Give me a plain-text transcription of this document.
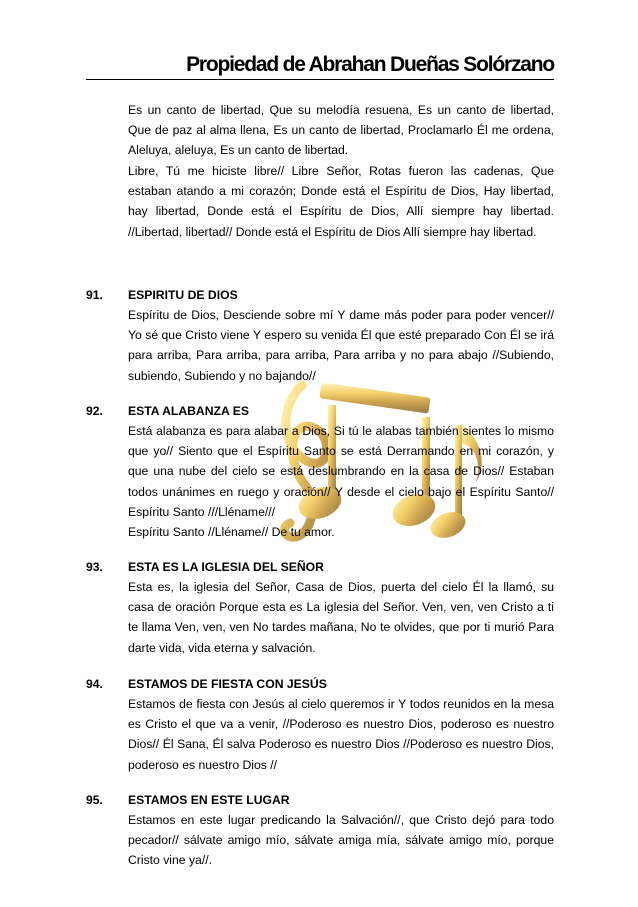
Propiedad de Abrahan Dueñas Solórzano
Es un canto de libertad, Que su melodía resuena, Es un canto de libertad, Que de paz al alma llena, Es un canto de libertad, Proclamarlo Él me ordena, Aleluya, aleluya, Es un canto de libertad.
Libre, Tú me hiciste libre// Libre Señor, Rotas fueron las cadenas, Que estaban atando a mi corazón; Donde está el Espíritu de Dios, Hay libertad, hay libertad, Donde está el Espíritu de Dios, Allí siempre hay libertad. //Libertad, libertad// Donde está el Espíritu de Dios Allí siempre hay libertad.
91. ESPIRITU DE DIOS
Espíritu de Dios, Desciende sobre mí Y dame más poder para poder vencer// Yo sé que Cristo viene Y espero su venida Él que esté preparado Con Él se irá para arriba, Para arriba, para arriba, Para arriba y no para abajo //Subiendo, subiendo, Subiendo y no bajando//
92. ESTA ALABANZA ES
Está alabanza es para alabar a Dios, Si tú le alabas también sientes lo mismo que yo// Siento que el Espíritu Santo se está Derramando en mi corazón, y que una nube del cielo se está deslumbrando en la casa de Dios// Estaban todos unánimes en ruego y oración// Y desde el cielo bajo el Espíritu Santo// Espíritu Santo ///Lléname///
Espíritu Santo //Lléname// De tu amor.
93. ESTA ES LA IGLESIA DEL SEÑOR
Esta es, la iglesia del Señor, Casa de Dios, puerta del cielo Él la llamó, su casa de oración Porque esta es La iglesia del Señor. Ven, ven, ven Cristo a ti te llama Ven, ven, ven No tardes mañana, No te olvides, que por ti murió Para darte vida, vida eterna y salvación.
94. ESTAMOS DE FIESTA CON JESÚS
Estamos de fiesta con Jesús al cielo queremos ir Y todos reunidos en la mesa es Cristo el que va a venir, //Poderoso es nuestro Dios, poderoso es nuestro Dios// Él Sana, Él salva Poderoso es nuestro Dios //Poderoso es nuestro Dios, poderoso es nuestro Dios //
95. ESTAMOS EN ESTE LUGAR
Estamos en este lugar predicando la Salvación//, que Cristo dejó para todo pecador// sálvate amigo mío, sálvate amiga mía, sálvate amigo mío, porque Cristo vine ya//.
